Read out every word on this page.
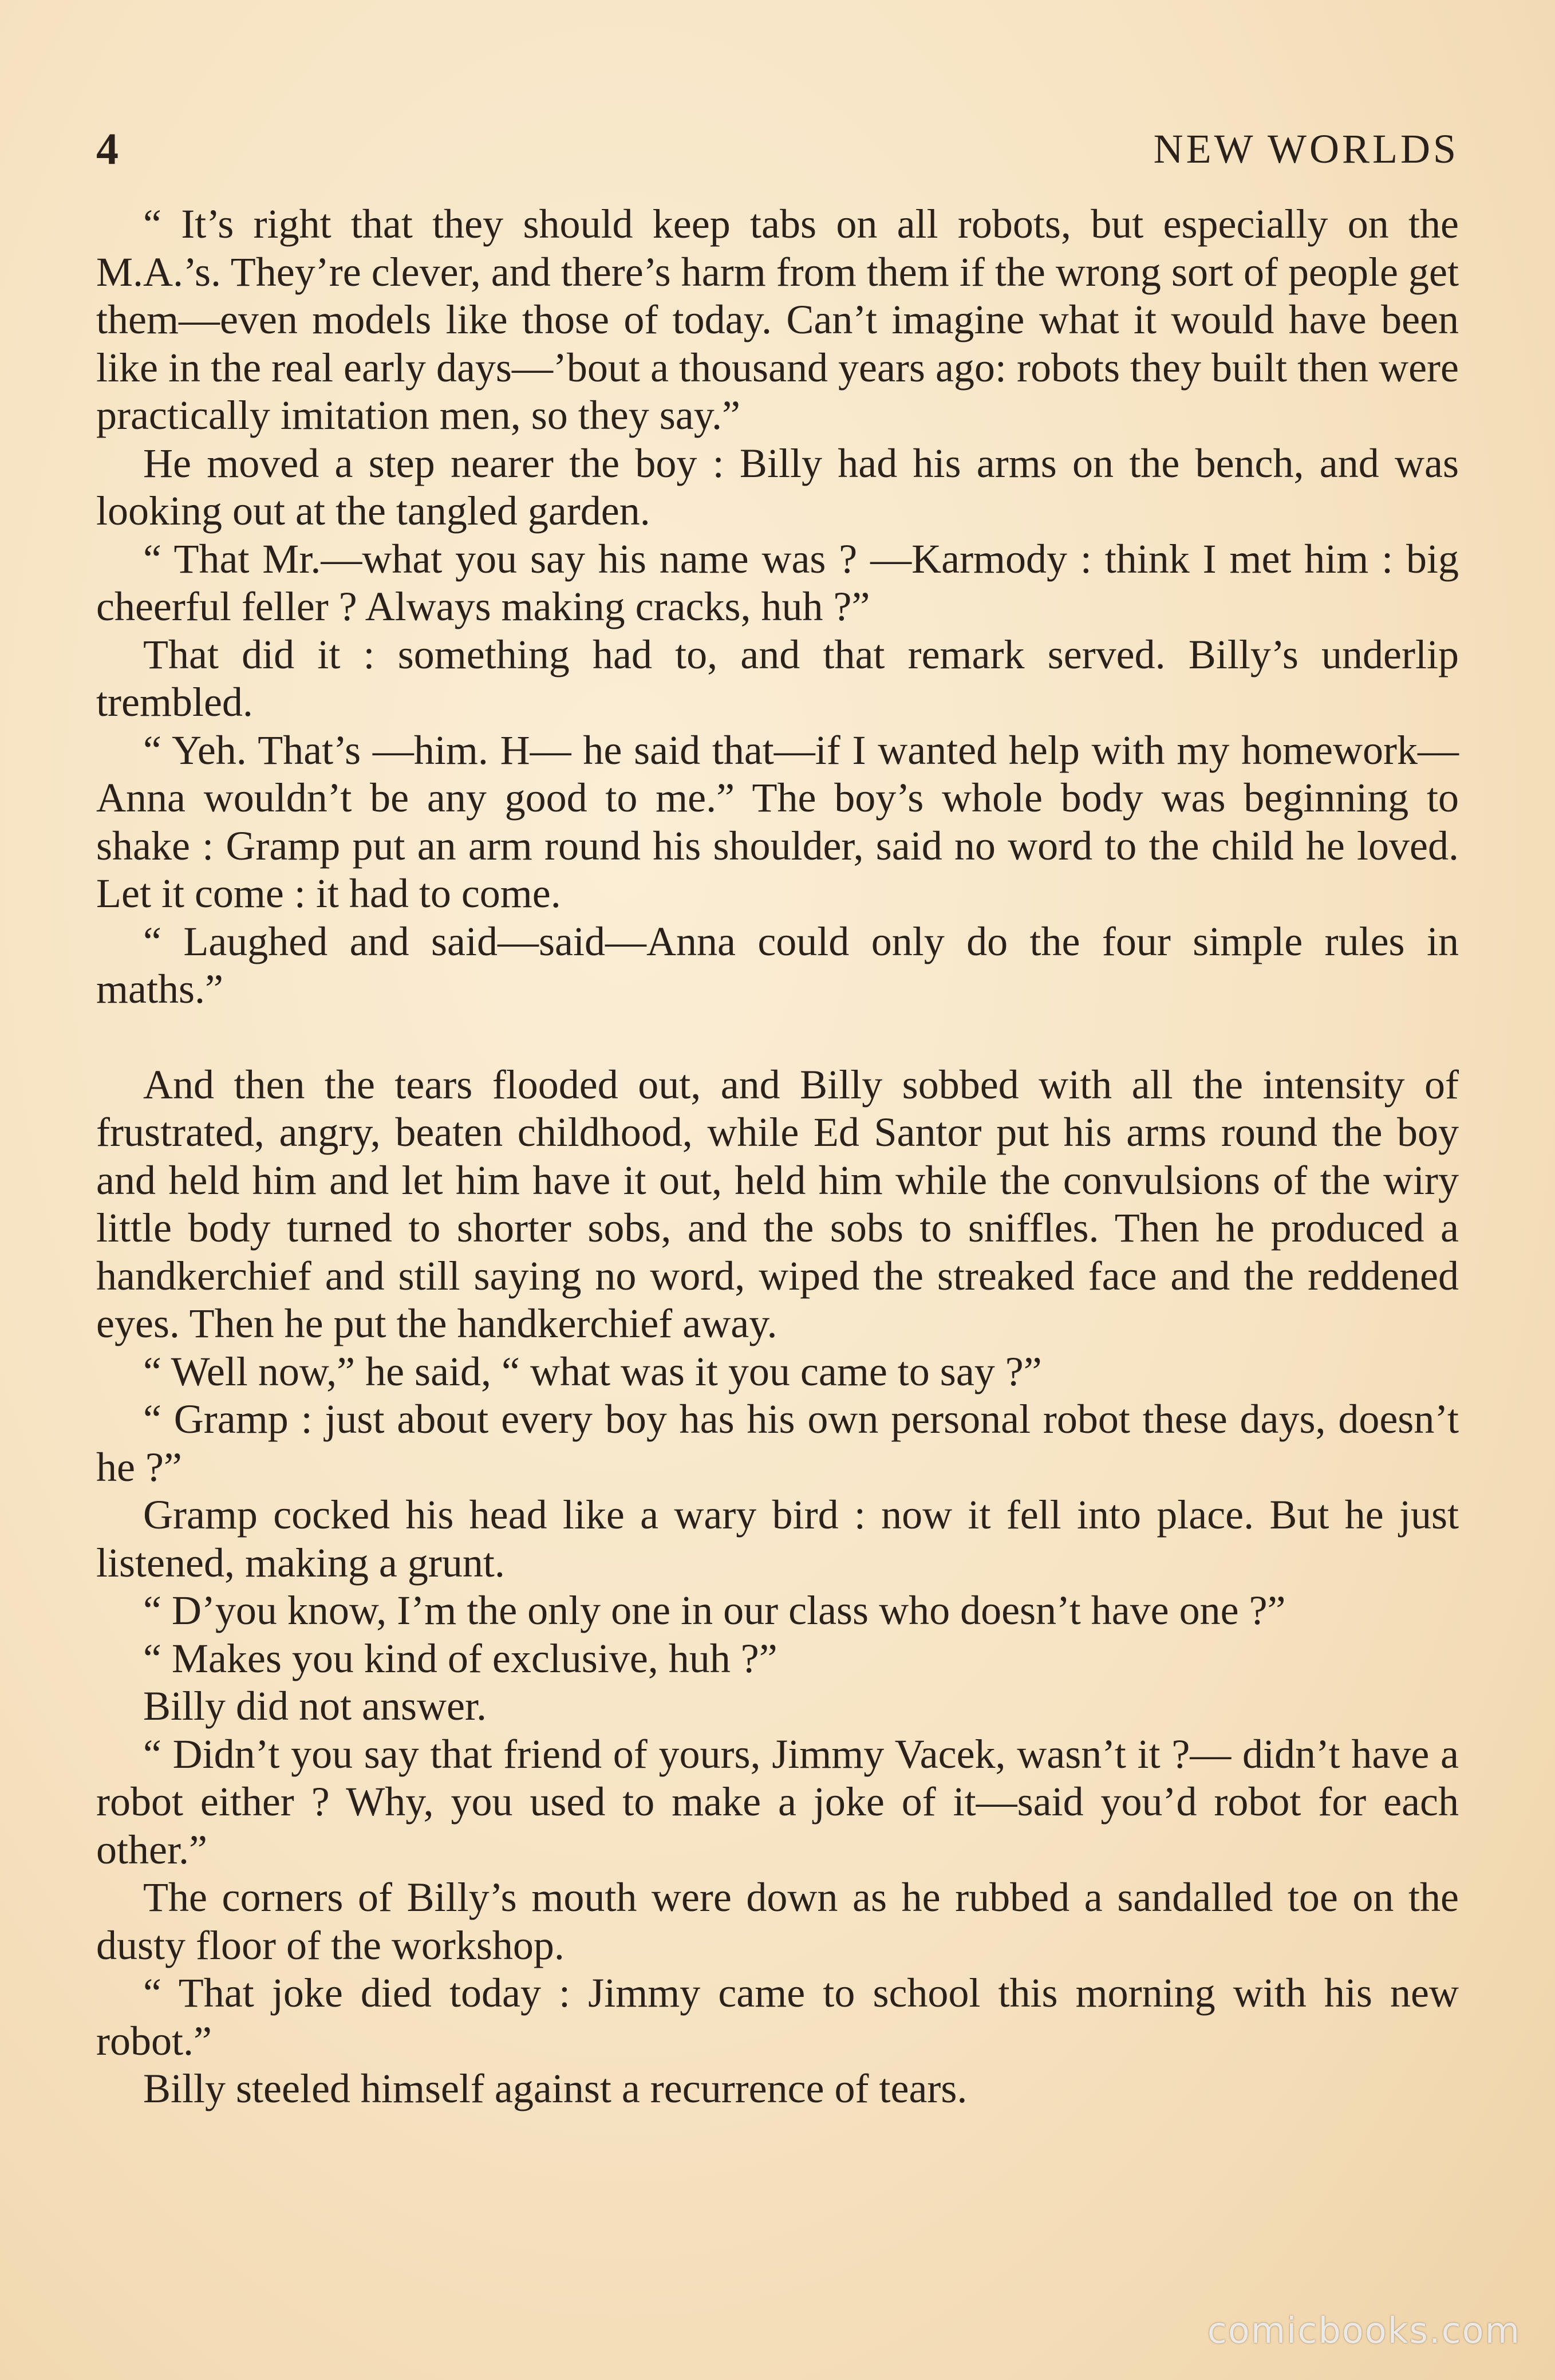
4	NEW WORLDS

“ It’s right that they should keep tabs on all robots, but especially on the M.A.’s. They’re clever, and there’s harm from them if the wrong sort of people get them—even models like those of today. Can’t imagine what it would have been like in the real early days—’bout a thousand years ago: robots they built then were practically imitation men, so they say.”

He moved a step nearer the boy : Billy had his arms on the bench, and was looking out at the tangled garden.

“ That Mr.—what you say his name was ? —Karmody : think I met him : big cheerful feller ? Always making cracks, huh ?”

That did it : something had to, and that remark served. Billy’s underlip trembled.

“ Yeh. That’s —him. H— he said that—if I wanted help with my homework—Anna wouldn’t be any good to me.” The boy’s whole body was beginning to shake : Gramp put an arm round his shoulder, said no word to the child he loved. Let it come : it had to come.

“ Laughed and said—said—Anna could only do the four simple rules in maths.”

And then the tears flooded out, and Billy sobbed with all the intensity of frustrated, angry, beaten childhood, while Ed Santor put his arms round the boy and held him and let him have it out, held him while the convulsions of the wiry little body turned to shorter sobs, and the sobs to sniffles. Then he produced a handkerchief and still saying no word, wiped the streaked face and the reddened eyes. Then he put the handkerchief away.

“ Well now,” he said, “ what was it you came to say ?”

“ Gramp : just about every boy has his own personal robot these days, doesn’t he ?”

Gramp cocked his head like a wary bird : now it fell into place. But he just listened, making a grunt.

“ D’you know, I’m the only one in our class who doesn’t have one ?”

“ Makes you kind of exclusive, huh ?”

Billy did not answer.

“ Didn’t you say that friend of yours, Jimmy Vacek, wasn’t it ?— didn’t have a robot either ? Why, you used to make a joke of it—said you’d robot for each other.”

The corners of Billy’s mouth were down as he rubbed a sandalled toe on the dusty floor of the workshop.

“ That joke died today : Jimmy came to school this morning with his new robot.”

Billy steeled himself against a recurrence of tears.

comicbooks.com
